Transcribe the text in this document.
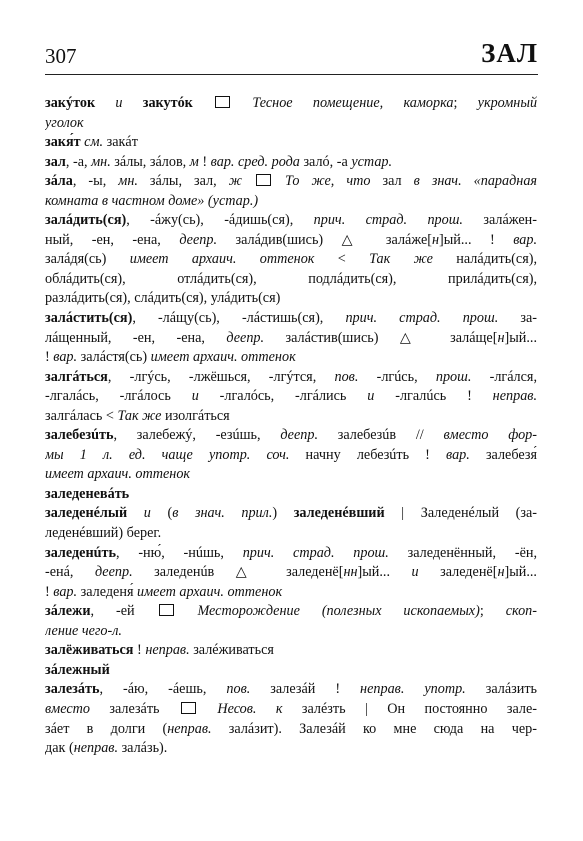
307	ЗАЛ
закýток и закутóк	Тесное помещение, каморка; укромный
уголок
закя́т см. закáт
зал, -а, мн. зáлы, зáлов, м ! вар. сред. рода залó, -а устар.
зáла, -ы, мн. зáлы, зал, ж	То же, что зал в знач. «парадная
комната в частном доме» (устар.)
залáдить(ся), -áжу(сь), -áдишь(ся), прич. страд. прош. залáжен-
ный, -ен, -ена, деепр. залáдив(шись) △ залáже[н]ый... ! вар.
залáдя(сь) имеет архаич. оттенок < Так же налáдить(ся),
облáдить(ся), отлáдить(ся), подлáдить(ся), прилáдить(ся),
разлáдить(ся), слáдить(ся), улáдить(ся)
залáстить(ся), -лáщу(сь), -лáстишь(ся), прич. страд. прош. за-
лáщенный, -ен, -ена, деепр. залáстив(шись) △ залáще[н]ый...
! вар. залáстя(сь) имеет архаич. оттенок
залгáться, -лгýсь, -лжёшься, -лгýтся, пов. -лгúсь, прош. -лгáлся,
-лгалáсь, -лгáлось и -лгалóсь, -лгáлись и -лгалúсь ! неправ.
залгáлась < Так же изолгáться
залебезúть, залебежý, -езúшь, деепр. залебезúв // вместо фор-
мы 1 л. ед. чаще употр. соч. начну лебезúть ! вар. залебезя́
имеет архаич. оттенок
заледеневáть
заледенéлый и (в знач. прил.) заледенéвший | Заледенéлый (за-
леденéвший) берег.
заледенúть, -ню́, -нúшь, прич. страд. прош. заледенённый, -ён,
-енá, деепр. заледенúв △ заледенё[нн]ый... и заледенё[н]ый...
! вар. заледеня́ имеет архаич. оттенок
зáлежи, -ей	Месторождение (полезных ископаемых); скоп-
ление чего-л.
залёживаться ! неправ. залéживаться
зáлежный
залезáть, -áю, -áешь, пов. залезáй ! неправ. употр. залáзить
вместо залезáть	Несов. к залéзть | Он постоянно зале-
зáет в долги (неправ. залáзит). Залезáй ко мне сюда на чер-
дак (неправ. залáзь).
